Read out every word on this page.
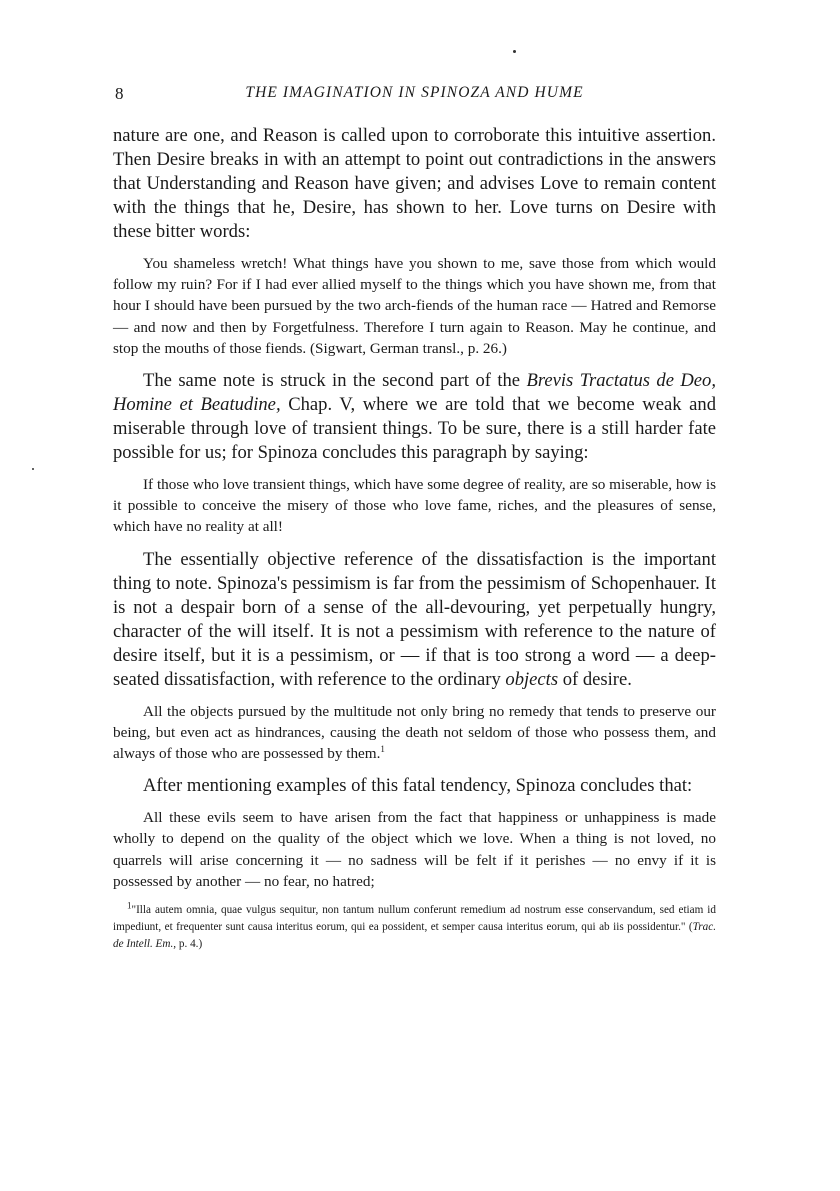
8	THE IMAGINATION IN SPINOZA AND HUME

nature are one, and Reason is called upon to corroborate this intuitive assertion. Then Desire breaks in with an attempt to point out contradictions in the answers that Understanding and Reason have given; and advises Love to remain content with the things that he, Desire, has shown to her. Love turns on Desire with these bitter words:

You shameless wretch! What things have you shown to me, save those from which would follow my ruin? For if I had ever allied myself to the things which you have shown me, from that hour I should have been pursued by the two arch-fiends of the human race — Hatred and Remorse — and now and then by Forgetfulness. Therefore I turn again to Reason. May he continue, and stop the mouths of those fiends. (Sigwart, German transl., p. 26.)

The same note is struck in the second part of the Brevis Tractatus de Deo, Homine et Beatudine, Chap. V, where we are told that we become weak and miserable through love of transient things. To be sure, there is a still harder fate possible for us; for Spinoza concludes this paragraph by saying:

If those who love transient things, which have some degree of reality, are so miserable, how is it possible to conceive the misery of those who love fame, riches, and the pleasures of sense, which have no reality at all!

The essentially objective reference of the dissatisfaction is the important thing to note. Spinoza's pessimism is far from the pessimism of Schopenhauer. It is not a despair born of a sense of the all-devouring, yet perpetually hungry, character of the will itself. It is not a pessimism with reference to the nature of desire itself, but it is a pessimism, or — if that is too strong a word — a deep-seated dissatisfaction, with reference to the ordinary objects of desire.

All the objects pursued by the multitude not only bring no remedy that tends to preserve our being, but even act as hindrances, causing the death not seldom of those who possess them, and always of those who are possessed by them.$^1$

After mentioning examples of this fatal tendency, Spinoza concludes that:

All these evils seem to have arisen from the fact that happiness or unhappiness is made wholly to depend on the quality of the object which we love. When a thing is not loved, no quarrels will arise concerning it — no sadness will be felt if it perishes — no envy if it is possessed by another — no fear, no hatred;

$^1$"Illa autem omnia, quae vulgus sequitur, non tantum nullum conferunt remedium ad nostrum esse conservandum, sed etiam id impediunt, et frequenter sunt causa interitus eorum, qui ea possident, et semper causa interitus eorum, qui ab iis possidentur." (Trac. de Intell. Em., p. 4.)
